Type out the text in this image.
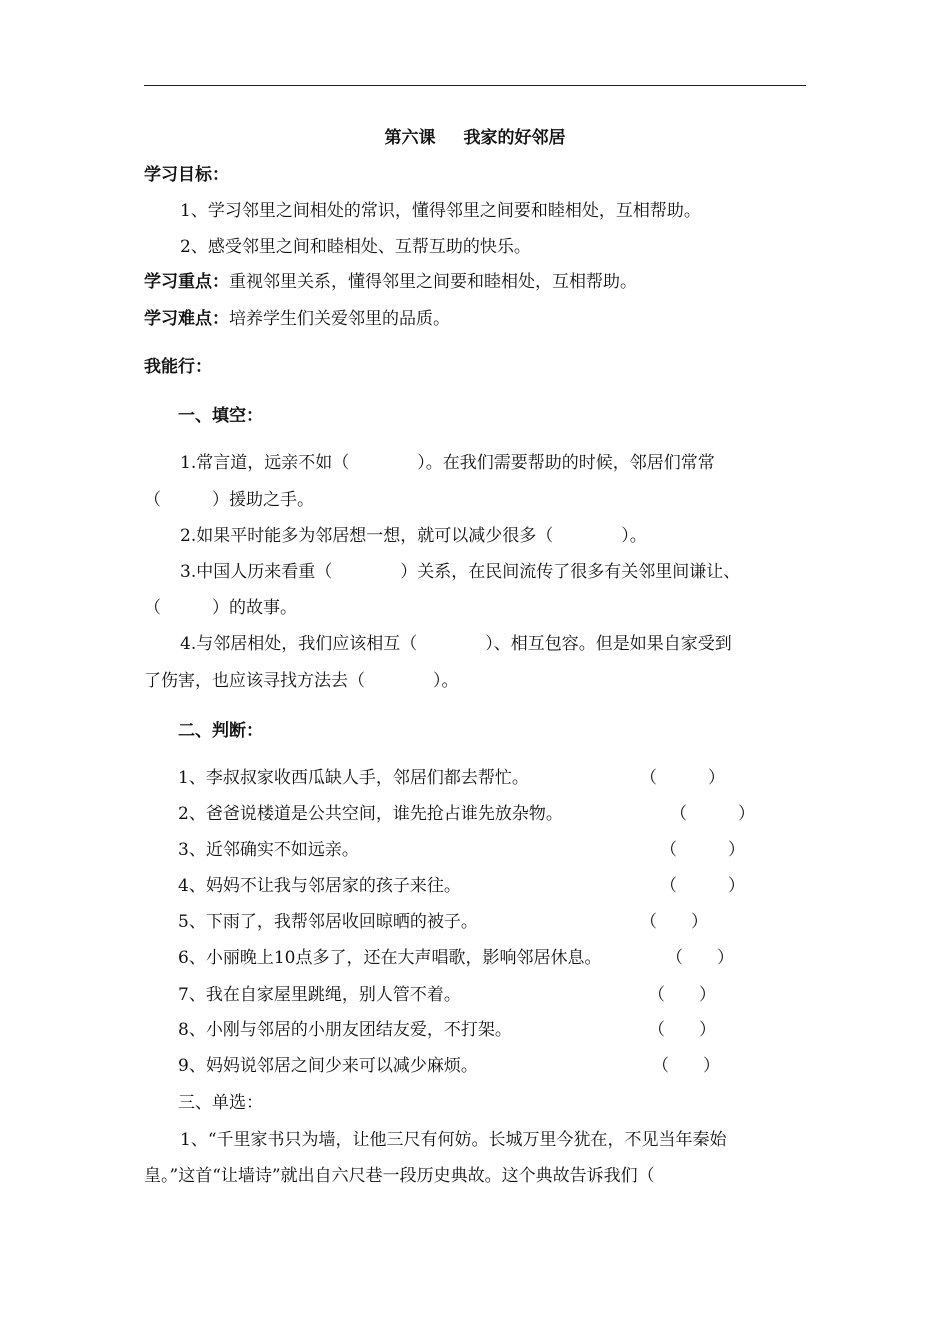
第六课 我家的好邻居
学习目标：
1、学习邻里之间相处的常识，懂得邻里之间要和睦相处，互相帮助。
2、感受邻里之间和睦相处、互帮互助的快乐。
学习重点：重视邻里关系，懂得邻里之间要和睦相处，互相帮助。
学习难点：培养学生们关爱邻里的品质。
我能行：
一、填空：
1.常言道，远亲不如（　　　　）。在我们需要帮助的时候，邻居们常常
（　　　）援助之手。
2.如果平时能多为邻居想一想，就可以减少很多（　　　　）。
3.中国人历来看重（　　　　）关系，在民间流传了很多有关邻里间谦让、
（　　　）的故事。
4.与邻居相处，我们应该相互（　　　　）、相互包容。但是如果自家受到
了伤害，也应该寻找方法去（　　　　）。
二、判断：
1、李叔叔家收西瓜缺人手，邻居们都去帮忙。	（　　　）
2、爸爸说楼道是公共空间，谁先抢占谁先放杂物。	（　　　）
3、近邻确实不如远亲。	（　　　）
4、妈妈不让我与邻居家的孩子来往。	（　　　）
5、下雨了，我帮邻居收回晾晒的被子。	（　　）
6、小丽晚上10点多了，还在大声唱歌，影响邻居休息。	（　　）
7、我在自家屋里跳绳，别人管不着。	（　　）
8、小刚与邻居的小朋友团结友爱，不打架。	（　　）
9、妈妈说邻居之间少来可以减少麻烦。	（　　）
三、单选：
1、“千里家书只为墙，让他三尺有何妨。长城万里今犹在，不见当年秦始
皇。”这首“让墙诗”就出自六尺巷一段历史典故。这个典故告诉我们（
